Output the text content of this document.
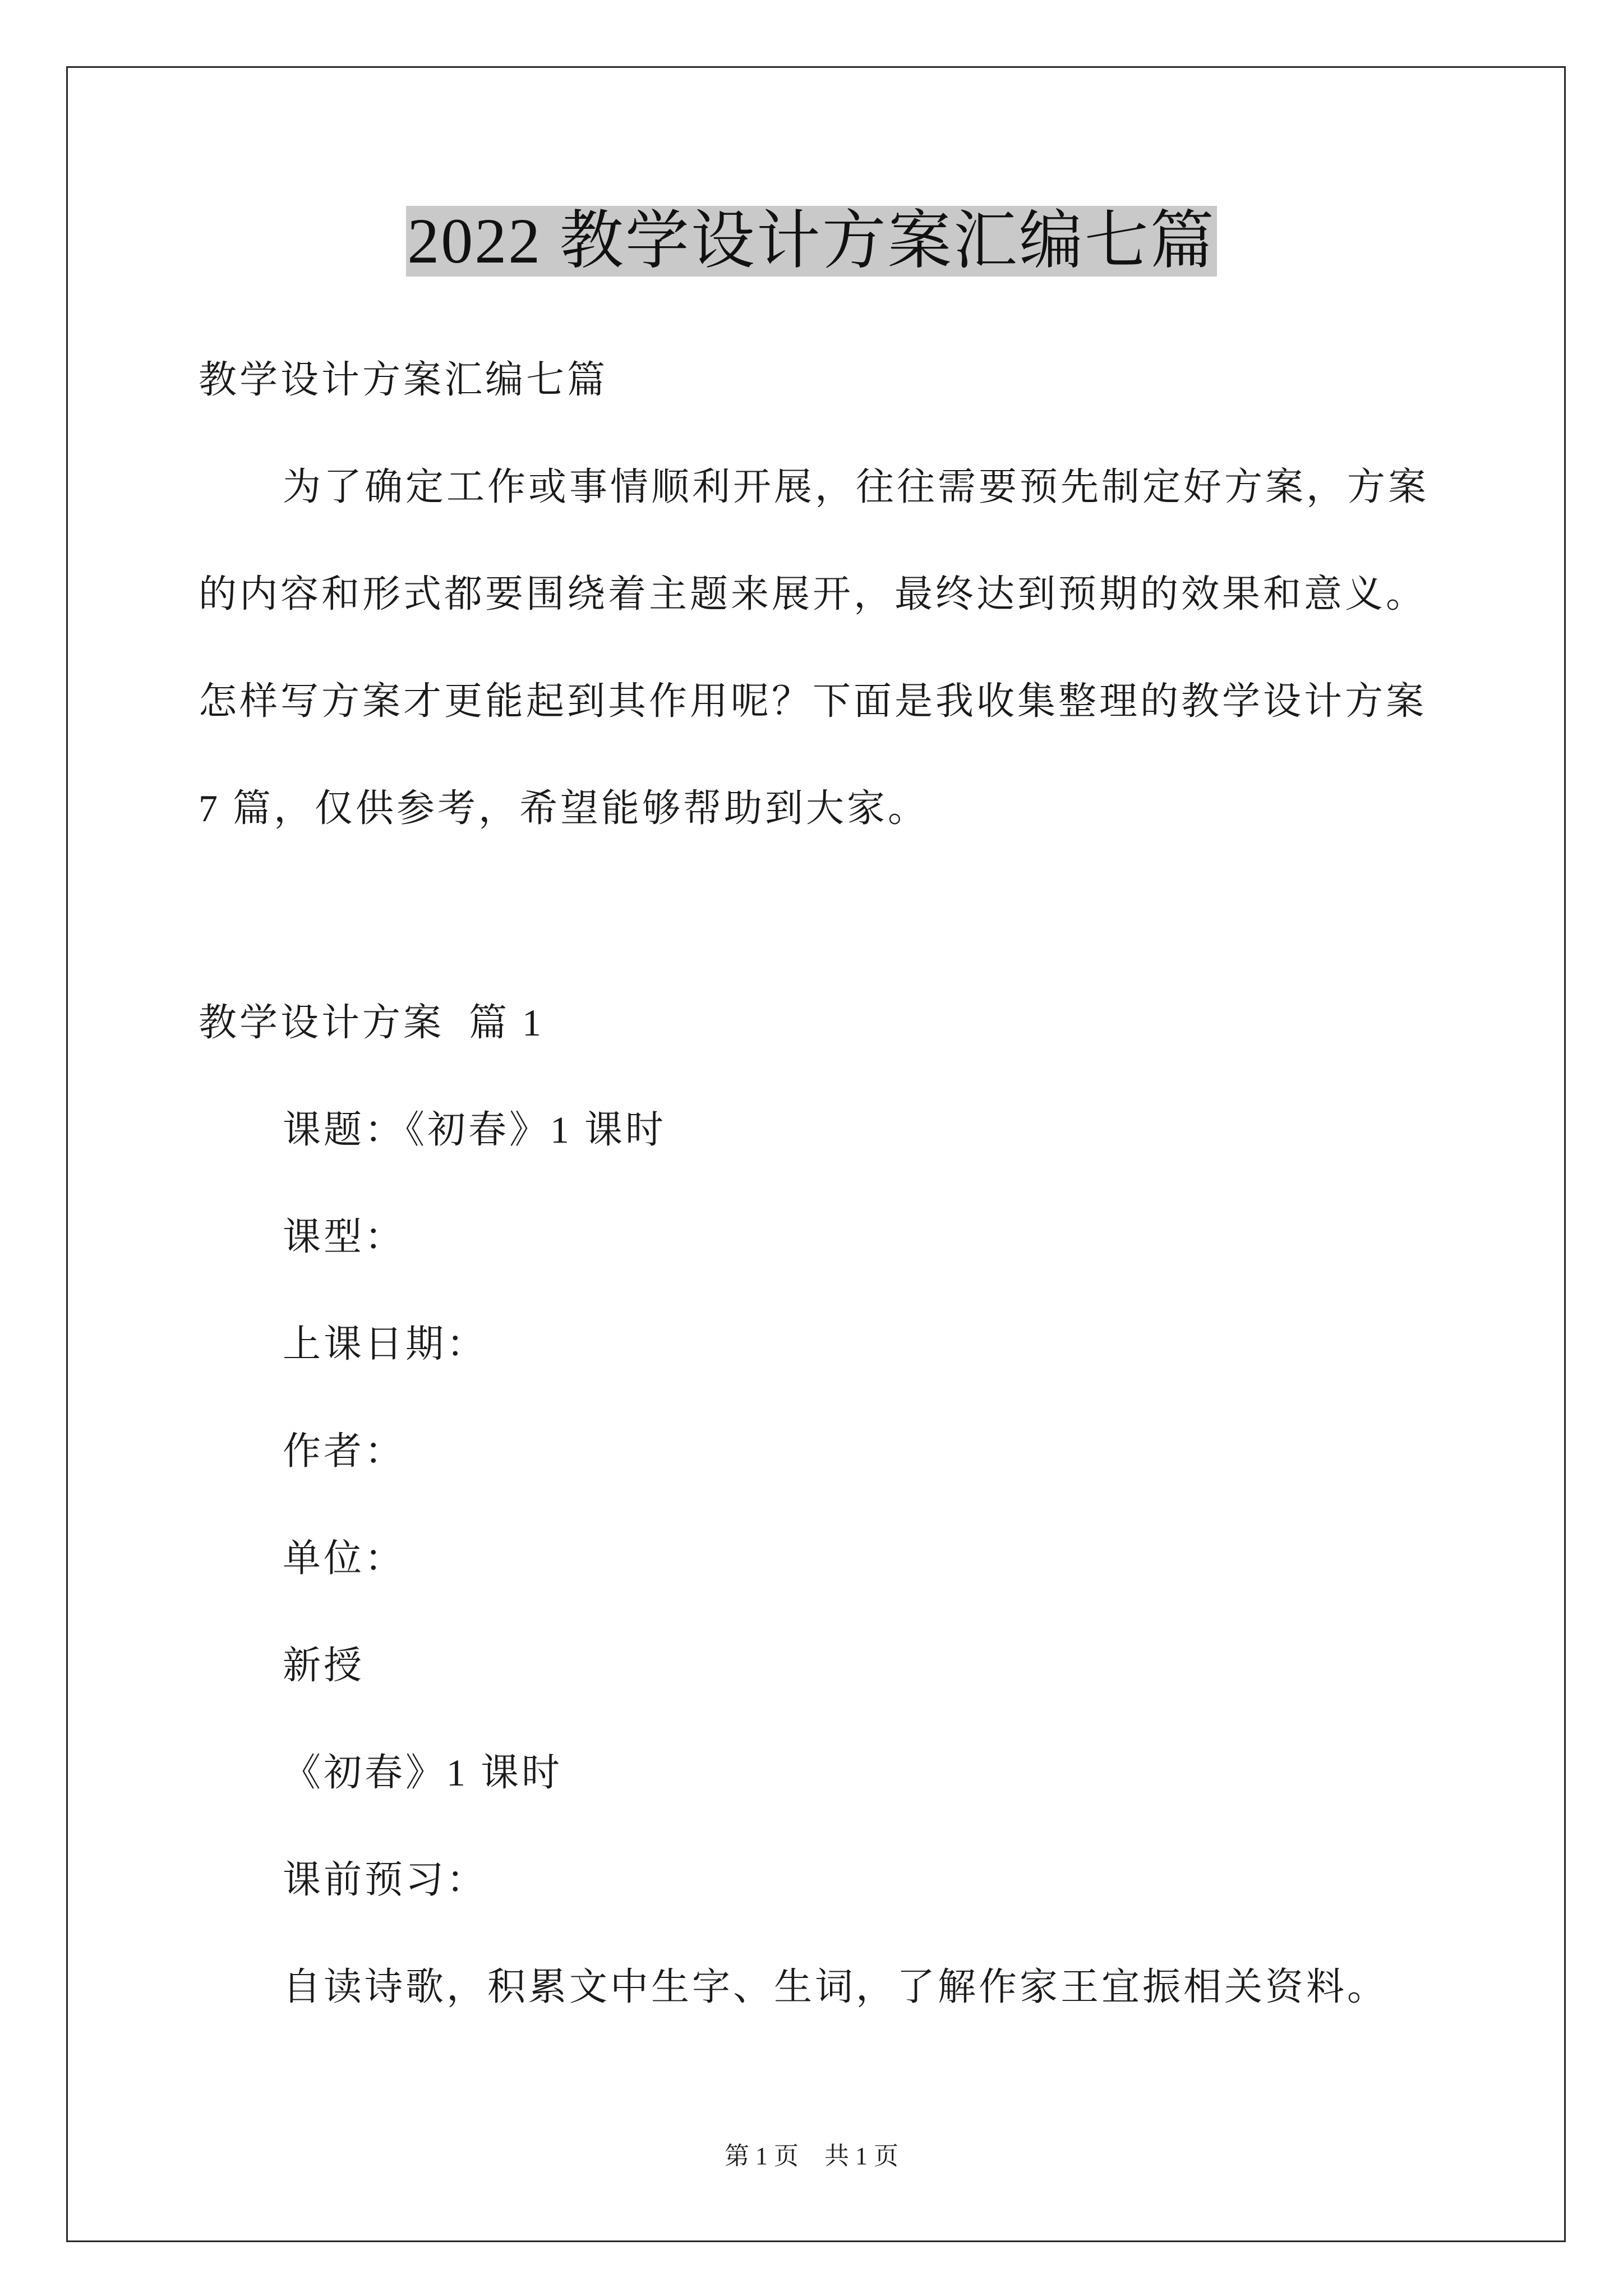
2022 教学设计方案汇编七篇
教学设计方案汇编七篇
为了确定工作或事情顺利开展，往往需要预先制定好方案，方案
的内容和形式都要围绕着主题来展开，最终达到预期的效果和意义。
怎样写方案才更能起到其作用呢？下面是我收集整理的教学设计方案
7 篇，仅供参考，希望能够帮助到大家。
教学设计方案  篇 1
课题：《初春》1 课时
课型：
上课日期：
作者：
单位：
新授
《初春》1 课时
课前预习：
自读诗歌，积累文中生字、生词，了解作家王宜振相关资料。
第 1 页 共 1 页
